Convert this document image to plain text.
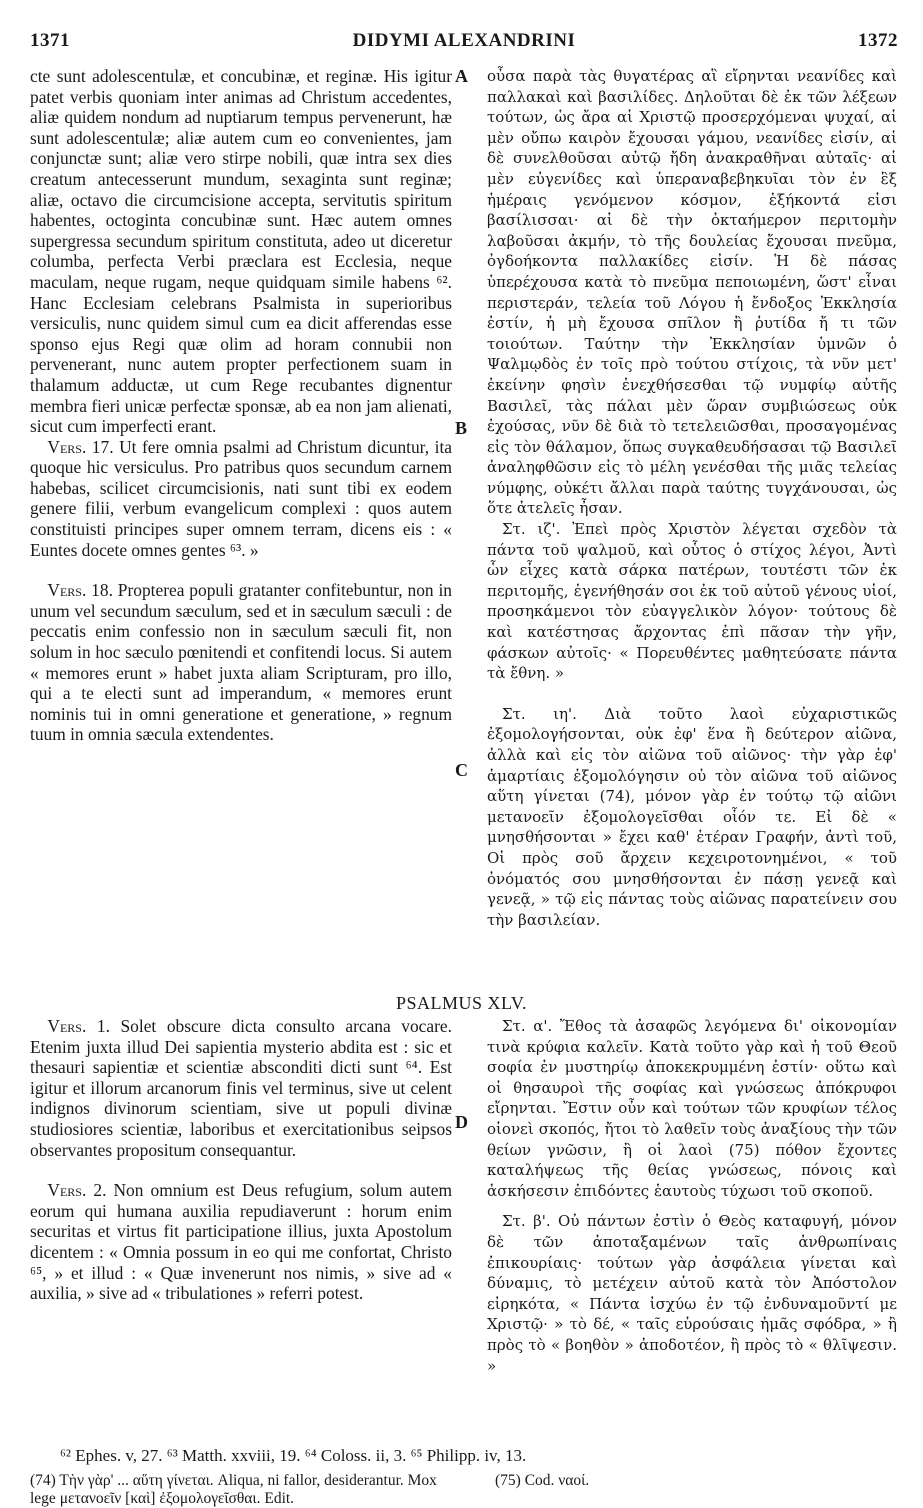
1371	DIDYMI ALEXANDRINI	1372
A
B
C
D

cte sunt adolescentulæ, et concubinæ, et reginæ. His igitur patet verbis quoniam inter animas ad Christum accedentes, aliæ quidem nondum ad nuptiarum tempus pervenerunt, hæ sunt adolescentulæ; aliæ autem cum eo convenientes, jam conjunctæ sunt; aliæ vero stirpe nobili, quæ intra sex dies creatum antecesserunt mundum, sexaginta sunt reginæ; aliæ, octavo die circumcisione accepta, servitutis spiritum habentes, octoginta concubinæ sunt. Hæc autem omnes supergressa secundum spiritum constituta, adeo ut diceretur columba, perfecta Verbi præclara est Ecclesia, neque maculam, neque rugam, neque quidquam simile habens ⁶². Hanc Ecclesiam celebrans Psalmista in superioribus versiculis, nunc quidem simul cum ea dicit afferendas esse sponso ejus Regi quæ olim ad horam connubii non pervenerant, nunc autem propter perfectionem suam in thalamum adductæ, ut cum Rege recubantes dignentur membra fieri unicæ perfectæ sponsæ, ab ea non jam alienati, sicut cum imperfecti erant.

 Vers. 17. Ut fere omnia psalmi ad Christum dicuntur, ita quoque hic versiculus. Pro patribus quos secundum carnem habebas, scilicet circumcisionis, nati sunt tibi ex eodem genere filii, verbum evangelicum complexi : quos autem constituisti principes super omnem terram, dicens eis : « Euntes docete omnes gentes ⁶³. »

 Vers. 18. Propterea populi gratanter confitebuntur, non in unum vel secundum sæculum, sed et in sæculum sæculi : de peccatis enim confessio non in sæculum sæculi fit, non solum in hoc sæculo pœnitendi et confitendi locus. Si autem « memores erunt » habet juxta aliam Scripturam, pro illo, qui a te electi sunt ad imperandum, « memores erunt nominis tui in omni generatione et generatione, » regnum tuum in omnia sæcula extendentes.

PSALMUS XLV.

 Vers. 1. Solet obscure dicta consulto arcana vocare. Etenim juxta illud Dei sapientia mysterio abdita est : sic et thesauri sapientiæ et scientiæ absconditi dicti sunt ⁶⁴. Est igitur et illorum arcanorum finis vel terminus, sive ut celent indignos divinorum scientiam, sive ut populi divinæ studiosiores scientiæ, laboribus et exercitationibus seipsos observantes propositum consequantur.

 Vers. 2. Non omnium est Deus refugium, solum autem eorum qui humana auxilia repudiaverunt : horum enim securitas et virtus fit participatione illius, juxta Apostolum dicentem : « Omnia possum in eo qui me confortat, Christo ⁶⁵, » et illud : « Quæ invenerunt nos nimis, » sive ad « auxilia, » sive ad « tribulationes » referri potest.

οὖσα παρὰ τὰς θυγατέρας αἳ εἴρηνται νεανίδες καὶ παλλακαὶ καὶ βασιλίδες. Δηλοῦται δὲ ἐκ τῶν λέξεων τούτων, ὡς ἄρα αἱ Χριστῷ προσερχόμεναι ψυχαί, αἱ μὲν οὔπω καιρὸν ἔχουσαι γάμου, νεανίδες εἰσίν, αἱ δὲ συνελθοῦσαι αὐτῷ ἤδη ἀνακραθῆναι αὐταῖς· αἱ μὲν εὐγενίδες καὶ ὑπεραναβεβηκυῖαι τὸν ἐν ἓξ ἡμέραις γενόμενον κόσμον, ἑξήκοντά εἰσι βασίλισσαι· αἱ δὲ τὴν ὀκταήμερον περιτομὴν λαβοῦσαι ἀκμήν, τὸ τῆς δουλείας ἔχουσαι πνεῦμα, ὀγδοήκοντα παλλακίδες εἰσίν. Ἡ δὲ πάσας ὑπερέχουσα κατὰ τὸ πνεῦμα πεποιωμένη, ὥστ' εἶναι περιστεράν, τελεία τοῦ Λόγου ἡ ἔνδοξος Ἐκκλησία ἐστίν, ἡ μὴ ἔχουσα σπῖλον ἢ ῥυτίδα ἤ τι τῶν τοιούτων. Ταύτην τὴν Ἐκκλησίαν ὑμνῶν ὁ Ψαλμῳδὸς ἐν τοῖς πρὸ τούτου στίχοις, τὰ νῦν μετ' ἐκείνην φησὶν ἐνεχθήσεσθαι τῷ νυμφίῳ αὐτῆς Βασιλεῖ, τὰς πάλαι μὲν ὥραν συμβιώσεως οὐκ ἐχούσας, νῦν δὲ διὰ τὸ τετελειῶσθαι, προσαγομένας εἰς τὸν θάλαμον, ὅπως συγκαθευδήσασαι τῷ Βασιλεῖ ἀναληφθῶσιν εἰς τὸ μέλη γενέσθαι τῆς μιᾶς τελείας νύμφης, οὐκέτι ἄλλαι παρὰ ταύτης τυγχάνουσαι, ὡς ὅτε ἀτελεῖς ἦσαν.

 Στ. ιζ'. Ἐπεὶ πρὸς Χριστὸν λέγεται σχεδὸν τὰ πάντα τοῦ ψαλμοῦ, καὶ οὗτος ὁ στίχος λέγοι, Ἀντὶ ὧν εἶχες κατὰ σάρκα πατέρων, τουτέστι τῶν ἐκ περιτομῆς, ἐγενήθησάν σοι ἐκ τοῦ αὐτοῦ γένους υἱοί, προσηκάμενοι τὸν εὐαγγελικὸν λόγον· τούτους δὲ καὶ κατέστησας ἄρχοντας ἐπὶ πᾶσαν τὴν γῆν, φάσκων αὐτοῖς· « Πορευθέντες μαθητεύσατε πάντα τὰ ἔθνη. »

 Στ. ιη'. Διὰ τοῦτο λαοὶ εὐχαριστικῶς ἐξομολογήσονται, οὐκ ἐφ' ἕνα ἢ δεύτερον αἰῶνα, ἀλλὰ καὶ εἰς τὸν αἰῶνα τοῦ αἰῶνος· τὴν γὰρ ἐφ' ἁμαρτίαις ἐξομολόγησιν οὐ τὸν αἰῶνα τοῦ αἰῶνος αὕτη γίνεται (74), μόνον γὰρ ἐν τούτῳ τῷ αἰῶνι μετανοεῖν ἐξομολογεῖσθαι οἷόν τε. Εἰ δὲ « μνησθήσονται » ἔχει καθ' ἑτέραν Γραφήν, ἀντὶ τοῦ, Οἱ πρὸς σοῦ ἄρχειν κεχειροτονημένοι, « τοῦ ὀνόματός σου μνησθήσονται ἐν πάσῃ γενεᾷ καὶ γενεᾷ, » τῷ εἰς πάντας τοὺς αἰῶνας παρατείνειν σου τὴν βασιλείαν.

 Στ. α'. Ἔθος τὰ ἀσαφῶς λεγόμενα δι' οἰκονομίαν τινὰ κρύφια καλεῖν. Κατὰ τοῦτο γὰρ καὶ ἡ τοῦ Θεοῦ σοφία ἐν μυστηρίῳ ἀποκεκρυμμένη ἐστίν· οὕτω καὶ οἱ θησαυροὶ τῆς σοφίας καὶ γνώσεως ἀπόκρυφοι εἴρηνται. Ἔστιν οὖν καὶ τούτων τῶν κρυφίων τέλος οἱονεὶ σκοπός, ἤτοι τὸ λαθεῖν τοὺς ἀναξίους τὴν τῶν θείων γνῶσιν, ἢ οἱ λαοὶ (75) πόθον ἔχοντες καταλήψεως τῆς θείας γνώσεως, πόνοις καὶ ἀσκήσεσιν ἐπιδόντες ἑαυτοὺς τύχωσι τοῦ σκοποῦ.

 Στ. β'. Οὐ πάντων ἐστὶν ὁ Θεὸς καταφυγή, μόνον δὲ τῶν ἀποταξαμένων ταῖς ἀνθρωπίναις ἐπικουρίαις· τούτων γὰρ ἀσφάλεια γίνεται καὶ δύναμις, τὸ μετέχειν αὐτοῦ κατὰ τὸν Ἀπόστολον εἰρηκότα, « Πάντα ἰσχύω ἐν τῷ ἐνδυναμοῦντί με Χριστῷ· » τὸ δέ, « ταῖς εὑρούσαις ἡμᾶς σφόδρα, » ἢ πρὸς τὸ « βοηθὸν » ἀποδοτέον, ἢ πρὸς τὸ « θλῖψεσιν. »

⁶² Ephes. v, 27. ⁶³ Matth. xxviii, 19. ⁶⁴ Coloss. ii, 3. ⁶⁵ Philipp. iv, 13.
(74) Τὴν γὰρ' ... αὕτη γίνεται. Aliqua, ni fallor, desiderantur. Mox lege μετανοεῖν [καὶ] ἐξομολογεῖσθαι. Edit.
(75) Cod. ναοί.
